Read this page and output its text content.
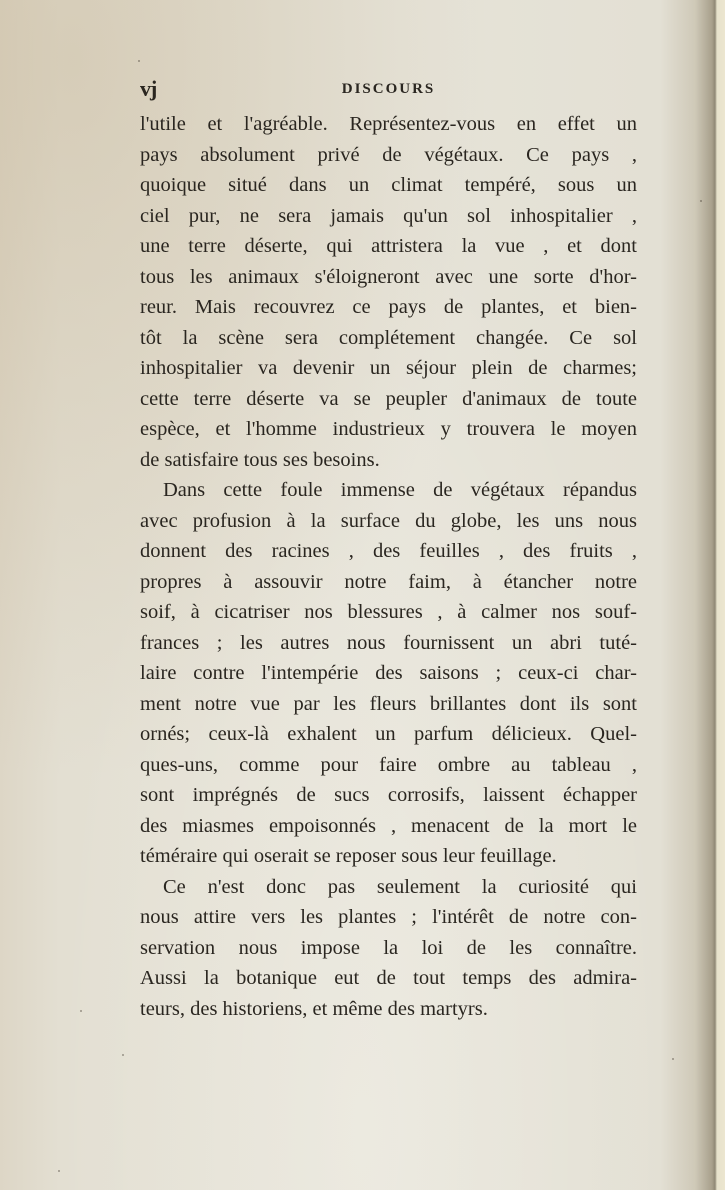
vj	DISCOURS
l'utile et l'agréable. Représentez-vous en effet un
pays absolument privé de végétaux. Ce pays ,
quoique situé dans un climat tempéré, sous un
ciel pur, ne sera jamais qu'un sol inhospitalier ,
une terre déserte, qui attristera la vue , et dont
tous les animaux s'éloigneront avec une sorte d'hor-
reur. Mais recouvrez ce pays de plantes, et bien-
tôt la scène sera complétement changée. Ce sol
inhospitalier va devenir un séjour plein de charmes;
cette terre déserte va se peupler d'animaux de toute
espèce, et l'homme industrieux y trouvera le moyen
de satisfaire tous ses besoins.
Dans cette foule immense de végétaux répandus
avec profusion à la surface du globe, les uns nous
donnent des racines , des feuilles , des fruits ,
propres à assouvir notre faim, à étancher notre
soif, à cicatriser nos blessures , à calmer nos souf-
frances ; les autres nous fournissent un abri tuté-
laire contre l'intempérie des saisons ; ceux-ci char-
ment notre vue par les fleurs brillantes dont ils sont
ornés; ceux-là exhalent un parfum délicieux. Quel-
ques-uns, comme pour faire ombre au tableau ,
sont imprégnés de sucs corrosifs, laissent échapper
des miasmes empoisonnés , menacent de la mort le
téméraire qui oserait se reposer sous leur feuillage.
Ce n'est donc pas seulement la curiosité qui
nous attire vers les plantes ; l'intérêt de notre con-
servation nous impose la loi de les connaître.
Aussi la botanique eut de tout temps des admira-
teurs, des historiens, et même des martyrs.
